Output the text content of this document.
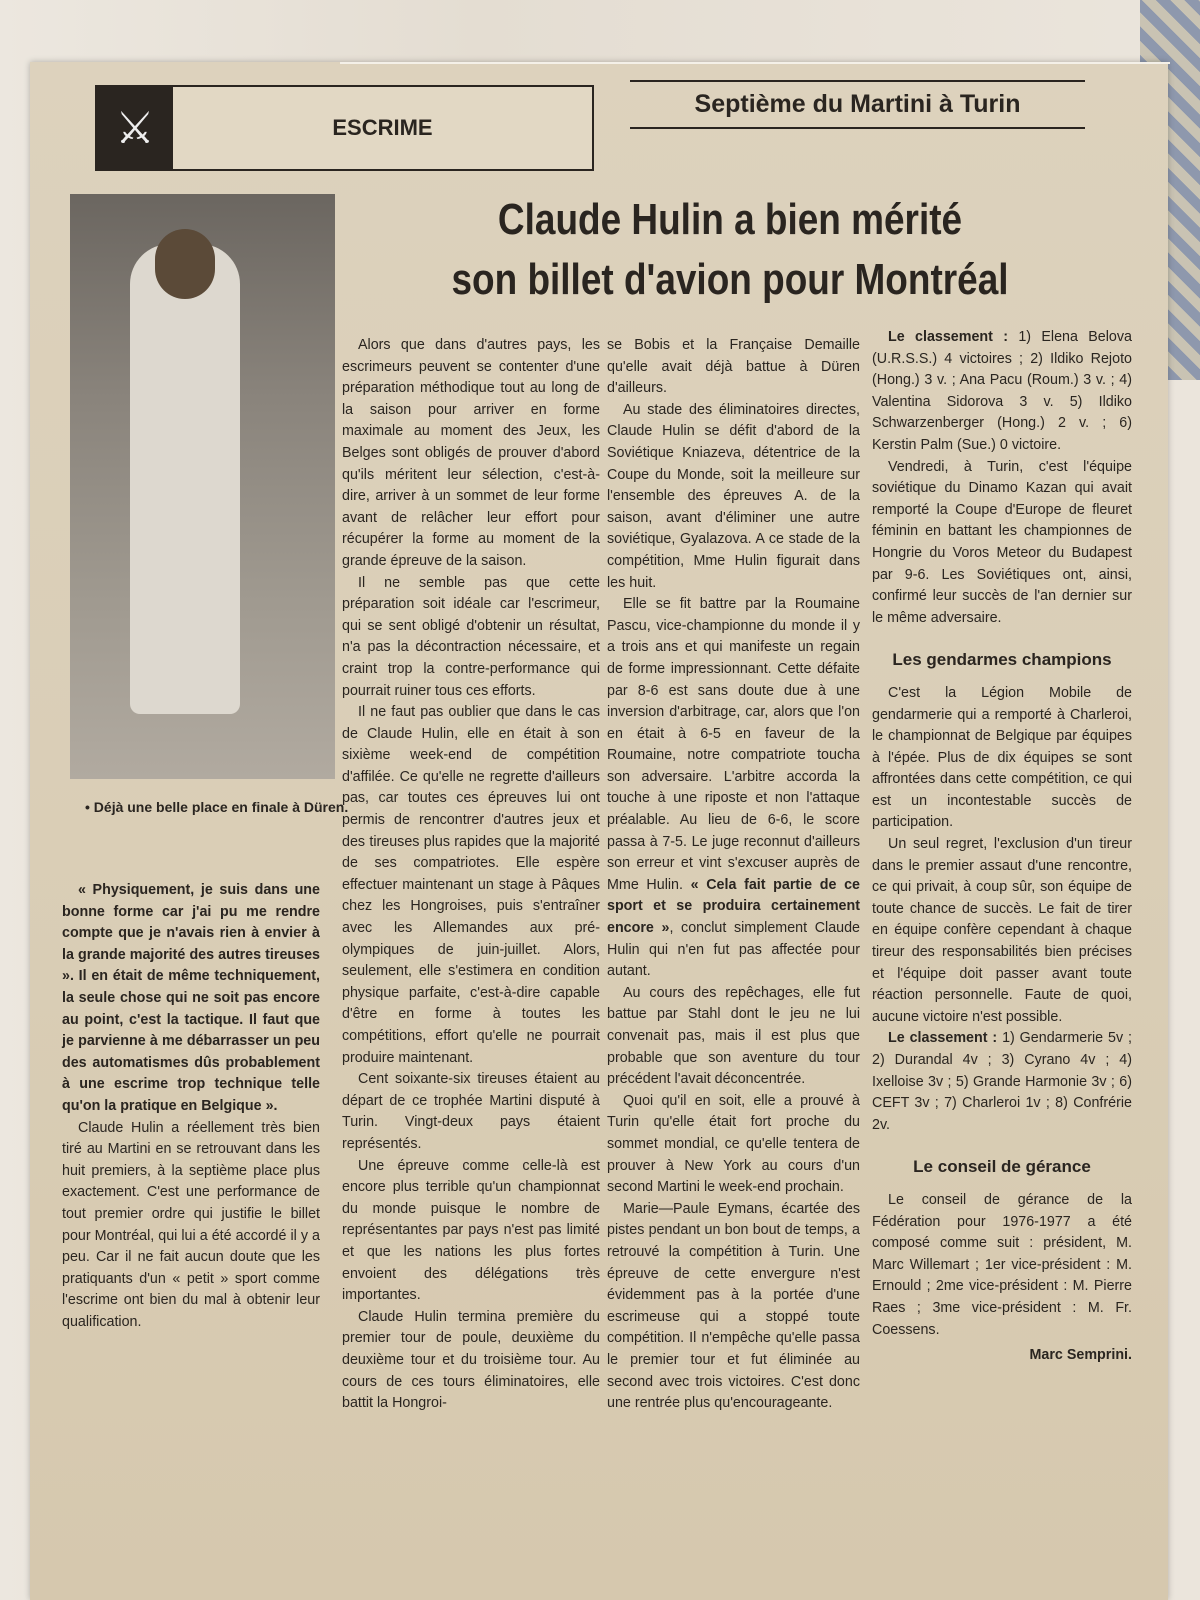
⚔	ESCRIME
Septième du Martini à Turin
Claude Hulin a bien mérité
son billet d'avion pour Montréal
• Déjà une belle place en finale à Düren.

« Physiquement, je suis dans une bonne forme car j'ai pu me rendre compte que je n'avais rien à envier à la grande majorité des autres tireuses ». Il en était de même techniquement, la seule chose qui ne soit pas encore au point, c'est la tactique. Il faut que je parvienne à me débarrasser un peu des automatismes dûs probablement à une escrime trop technique telle qu'on la pratique en Belgique ».

Claude Hulin a réellement très bien tiré au Martini en se retrouvant dans les huit premiers, à la septième place plus exactement. C'est une performance de tout premier ordre qui justifie le billet pour Montréal, qui lui a été accordé il y a peu. Car il ne fait aucun doute que les pratiquants d'un « petit » sport comme l'escrime ont bien du mal à obtenir leur qualification.

Alors que dans d'autres pays, les escrimeurs peuvent se contenter d'une préparation méthodique tout au long de la saison pour arriver en forme maximale au moment des Jeux, les Belges sont obligés de prouver d'abord qu'ils méritent leur sélection, c'est-à-dire, arriver à un sommet de leur forme avant de relâcher leur effort pour récupérer la forme au moment de la grande épreuve de la saison.

Il ne semble pas que cette préparation soit idéale car l'escrimeur, qui se sent obligé d'obtenir un résultat, n'a pas la décontraction nécessaire, et craint trop la contre-performance qui pourrait ruiner tous ces efforts.

Il ne faut pas oublier que dans le cas de Claude Hulin, elle en était à son sixième week-end de compétition d'affilée. Ce qu'elle ne regrette d'ailleurs pas, car toutes ces épreuves lui ont permis de rencontrer d'autres jeux et des tireuses plus rapides que la majorité de ses compatriotes. Elle espère effectuer maintenant un stage à Pâques chez les Hongroises, puis s'entraîner avec les Allemandes aux pré-olympiques de juin-juillet. Alors, seulement, elle s'estimera en condition physique parfaite, c'est-à-dire capable d'être en forme à toutes les compétitions, effort qu'elle ne pourrait produire maintenant.

Cent soixante-six tireuses étaient au départ de ce trophée Martini disputé à Turin. Vingt-deux pays étaient représentés.

Une épreuve comme celle-là est encore plus terrible qu'un championnat du monde puisque le nombre de représentantes par pays n'est pas limité et que les nations les plus fortes envoient des délégations très importantes.

Claude Hulin termina première du premier tour de poule, deuxième du deuxième tour et du troisième tour. Au cours de ces tours éliminatoires, elle battit la Hongroi-

se Bobis et la Française Demaille qu'elle avait déjà battue à Düren d'ailleurs.

Au stade des éliminatoires directes, Claude Hulin se défit d'abord de la Soviétique Kniazeva, détentrice de la Coupe du Monde, soit la meilleure sur l'ensemble des épreuves A. de la saison, avant d'éliminer une autre soviétique, Gyalazova. A ce stade de la compétition, Mme Hulin figurait dans les huit.

Elle se fit battre par la Roumaine Pascu, vice-championne du monde il y a trois ans et qui manifeste un regain de forme impressionnant. Cette défaite par 8-6 est sans doute due à une inversion d'arbitrage, car, alors que l'on en était à 6-5 en faveur de la Roumaine, notre compatriote toucha son adversaire. L'arbitre accorda la touche à une riposte et non l'attaque préalable. Au lieu de 6-6, le score passa à 7-5. Le juge reconnut d'ailleurs son erreur et vint s'excuser auprès de Mme Hulin. « Cela fait partie de ce sport et se produira certainement encore », conclut simplement Claude Hulin qui n'en fut pas affectée pour autant.

Au cours des repêchages, elle fut battue par Stahl dont le jeu ne lui convenait pas, mais il est plus que probable que son aventure du tour précédent l'avait déconcentrée.

Quoi qu'il en soit, elle a prouvé à Turin qu'elle était fort proche du sommet mondial, ce qu'elle tentera de prouver à New York au cours d'un second Martini le week-end prochain.

Marie—Paule Eymans, écartée des pistes pendant un bon bout de temps, a retrouvé la compétition à Turin. Une épreuve de cette envergure n'est évidemment pas à la portée d'une escrimeuse qui a stoppé toute compétition. Il n'empêche qu'elle passa le premier tour et fut éliminée au second avec trois victoires. C'est donc une rentrée plus qu'encourageante.

Le classement : 1) Elena Belova (U.R.S.S.) 4 victoires ; 2) Ildiko Rejoto (Hong.) 3 v. ; Ana Pacu (Roum.) 3 v. ; 4) Valentina Sidorova 3 v. 5) Ildiko Schwarzenberger (Hong.) 2 v. ; 6) Kerstin Palm (Sue.) 0 victoire.

Vendredi, à Turin, c'est l'équipe soviétique du Dinamo Kazan qui avait remporté la Coupe d'Europe de fleuret féminin en battant les championnes de Hongrie du Voros Meteor du Budapest par 9-6. Les Soviétiques ont, ainsi, confirmé leur succès de l'an dernier sur le même adversaire.

Les gendarmes champions

C'est la Légion Mobile de gendarmerie qui a remporté à Charleroi, le championnat de Belgique par équipes à l'épée. Plus de dix équipes se sont affrontées dans cette compétition, ce qui est un incontestable succès de participation.

Un seul regret, l'exclusion d'un tireur dans le premier assaut d'une rencontre, ce qui privait, à coup sûr, son équipe de toute chance de succès. Le fait de tirer en équipe confère cependant à chaque tireur des responsabilités bien précises et l'équipe doit passer avant toute réaction personnelle. Faute de quoi, aucune victoire n'est possible.

Le classement : 1) Gendarmerie 5v ; 2) Durandal 4v ; 3) Cyrano 4v ; 4) Ixelloise 3v ; 5) Grande Harmonie 3v ; 6) CEFT 3v ; 7) Charleroi 1v ; 8) Confrérie 2v.

Le conseil de gérance

Le conseil de gérance de la Fédération pour 1976-1977 a été composé comme suit : président, M. Marc Willemart ; 1er vice-président : M. Ernould ; 2me vice-président : M. Pierre Raes ; 3me vice-président : M. Fr. Coessens.

Marc Semprini.
